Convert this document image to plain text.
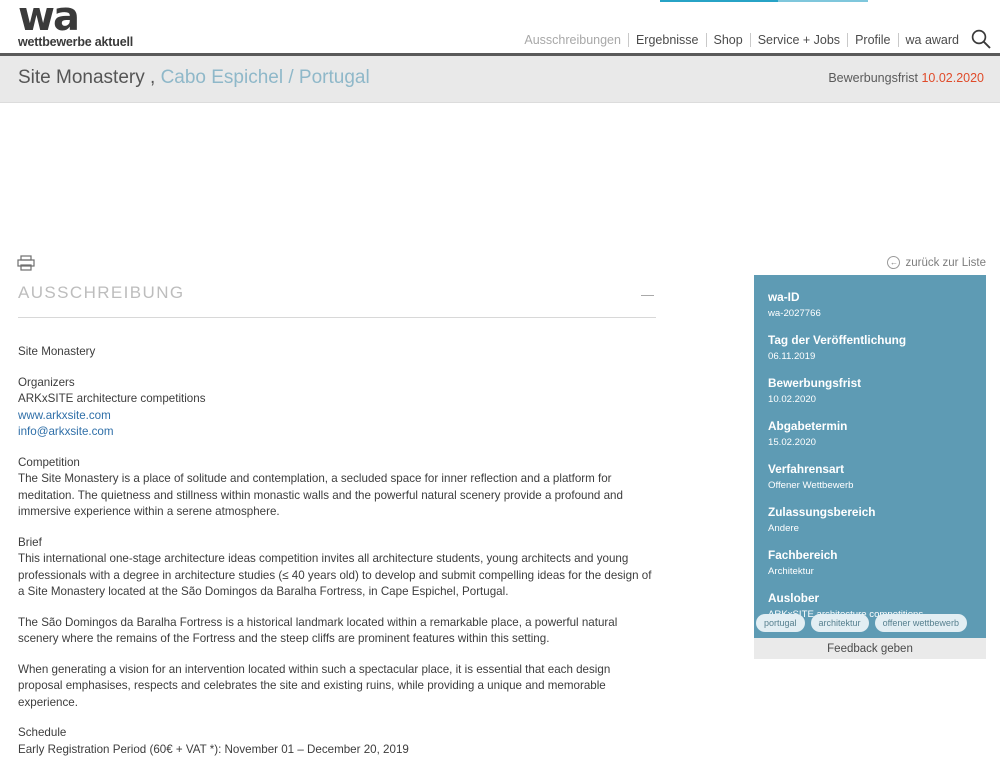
wa
wettbewerbe aktuell	Ausschreibungen	Ergebnisse	Shop	Service + Jobs	Profile	wa award
Site Monastery , Cabo Espichel / Portugal	Bewerbungsfrist 10.02.2020
← zurück zur Liste
AUSSCHREIBUNG

Site Monastery

Organizers

ARKxSITE architecture competitions

www.arkxsite.com

info@arkxsite.com

Competition

The Site Monastery is a place of solitude and contemplation, a secluded space for inner reflection and a platform for meditation. The quietness and stillness within monastic walls and the powerful natural scenery provide a profound and immersive experience within a serene atmosphere.

Brief

This international one-stage architecture ideas competition invites all architecture students, young architects and young professionals with a degree in architecture studies (≤ 40 years old) to develop and submit compelling ideas for the design of a Site Monastery located at the São Domingos da Baralha Fortress, in Cape Espichel, Portugal.

The São Domingos da Baralha Fortress is a historical landmark located within a remarkable place, a powerful natural scenery where the remains of the Fortress and the steep cliffs are prominent features within this setting.

When generating a vision for an intervention located within such a spectacular place, it is essential that each design proposal emphasises, respects and celebrates the site and existing ruins, while providing a unique and memorable experience.

Schedule

Early Registration Period (60€ + VAT *): November 01 – December 20, 2019

wa-ID
wa-2027766
Tag der Veröffentlichung
06.11.2019
Bewerbungsfrist
10.02.2020
Abgabetermin
15.02.2020
Verfahrensart
Offener Wettbewerb
Zulassungsbereich
Andere
Fachbereich
Architektur
Auslober
portugal	architektur	offener wettbewerb
Feedback geben
